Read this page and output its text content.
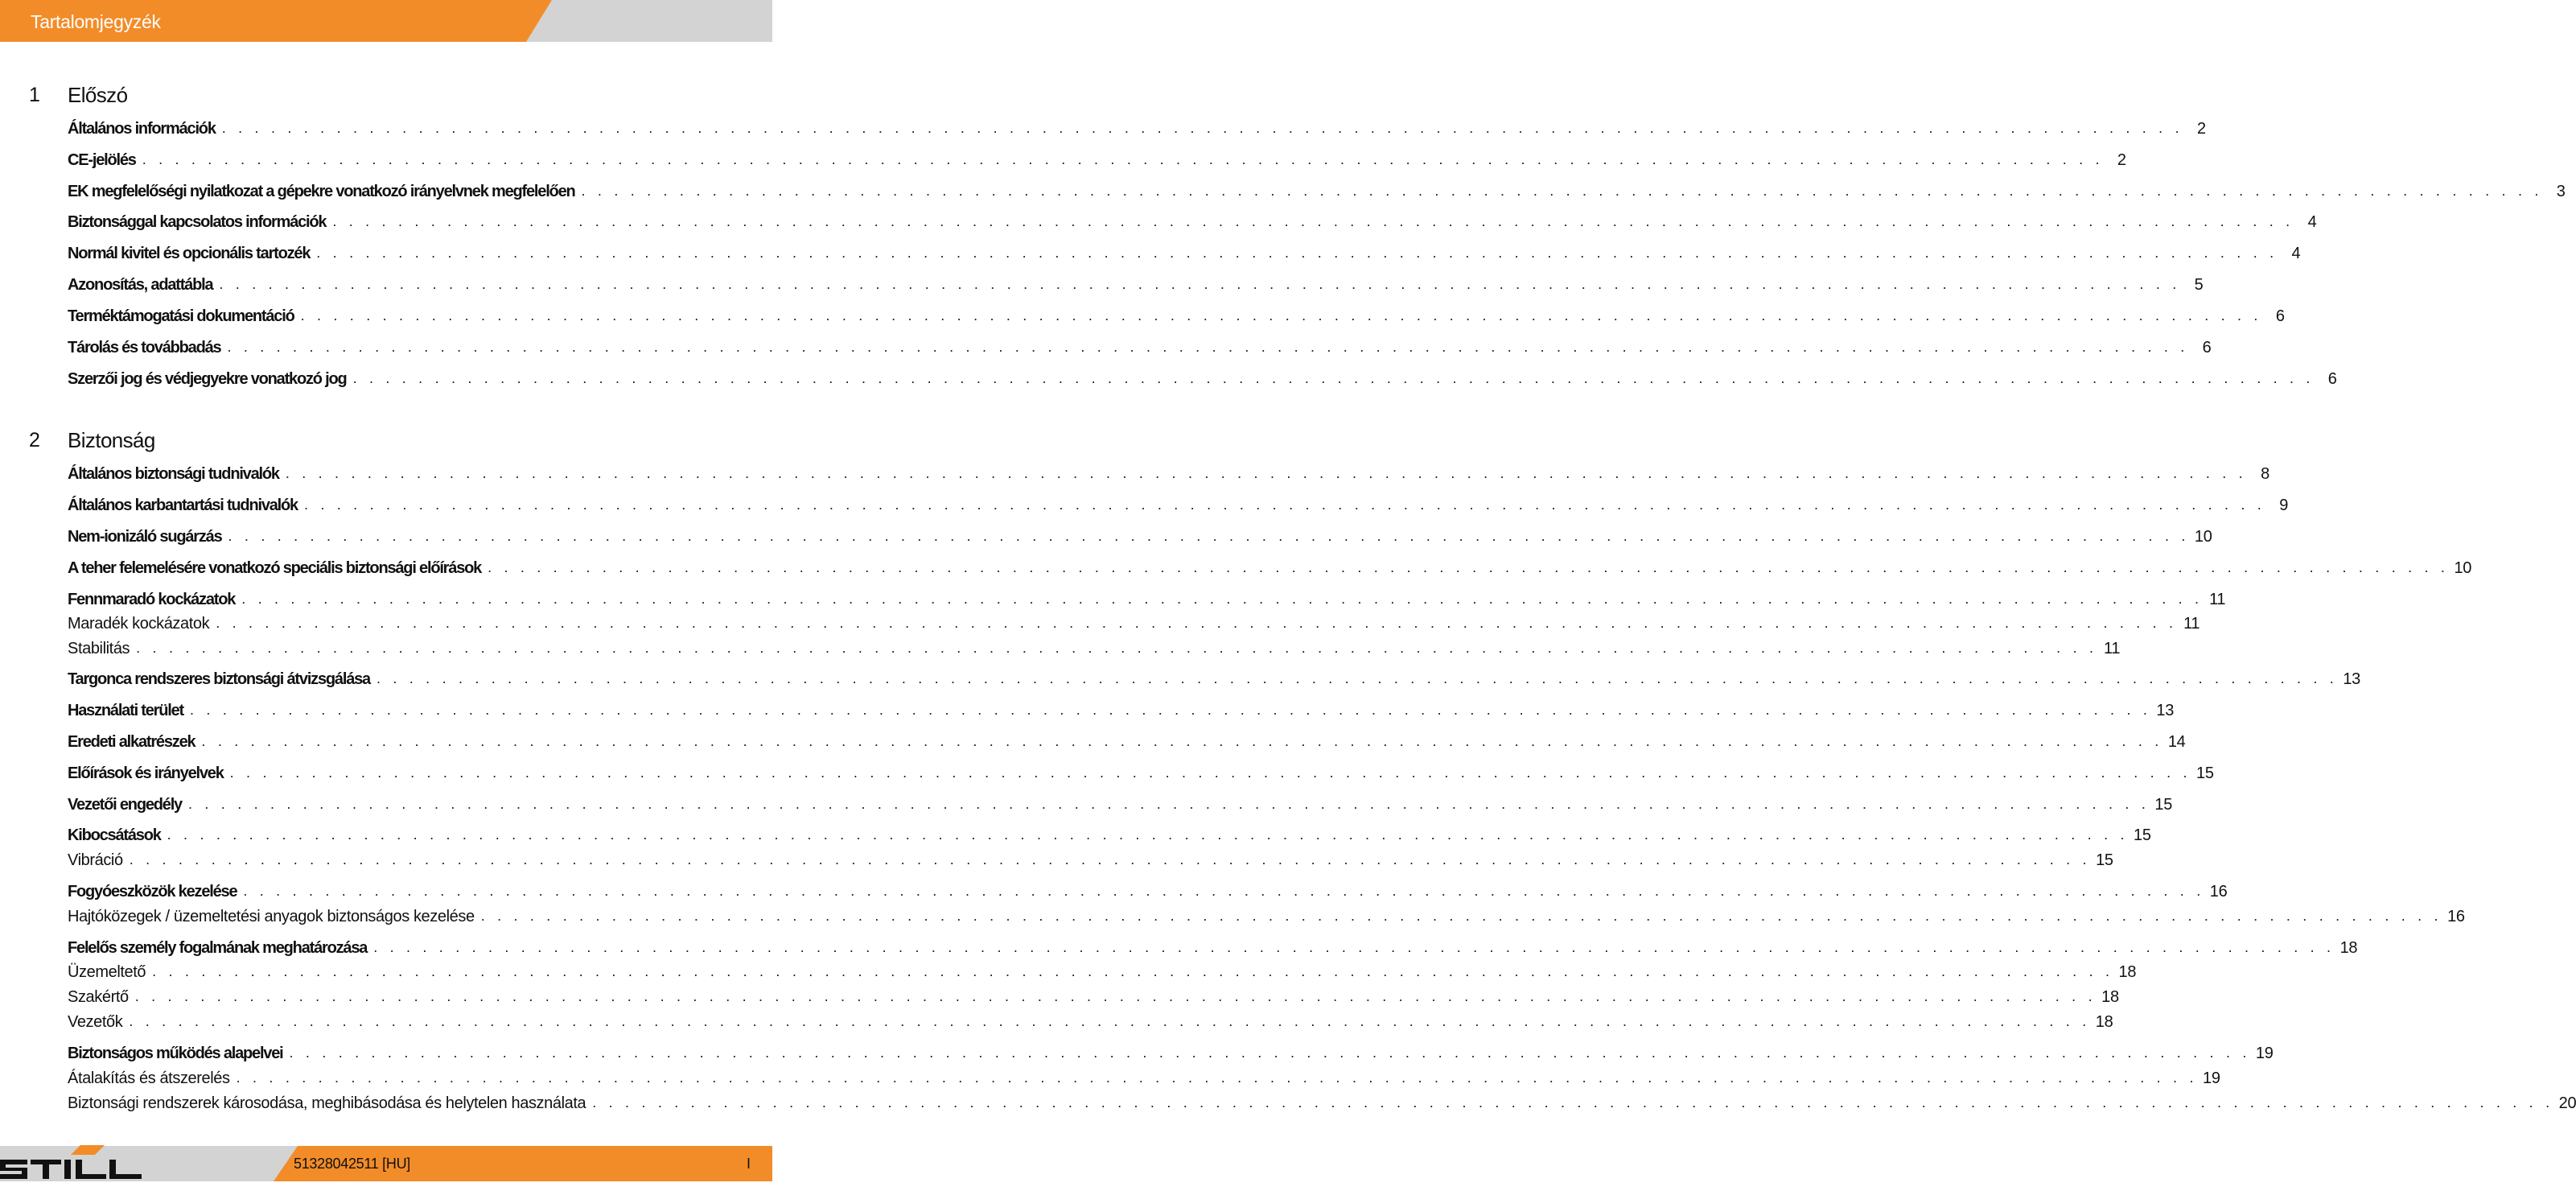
Tartalomjegyzék
1 Előszó
Általános információk . . . . . . . . . . . . . . . . . . . . . . . . . . . . . . . . . . . . . . . . . . . . . . . . . . . . . . . . . . . . . . . . . . . . . . . . . . . . . . . . . . . . . . . . . . . . . . . . . . . . . . . . . . . . . . . . . . . . . . . . 2
CE-jelölés . . . . . . . . . . . . . . . . . . . . . . . . . . . . . . . . . . . . . . . . . . . . . . . . . . . . . . . . . . . . . . . . . . . . . . . . . . . . . . . . . . . . . . . . . . . . . . . . . . . . . . . . . . . . . . . . . . . . . . . . 2
EK megfelelőségi nyilatkozat a gépekre vonatkozó irányelvnek megfelelően . . . . . . . . . . . . . . . . . . . . . . . . . . . . . . . . . . . . . . . . . . . . . . . . . . . . . . . . . . . . . . . . . . . . . . . . . . . . . . . . . . . . . . . . . . . . . . . . . . . . . . . . . . . . . . . . . . . . . . . . 3
Biztonsággal kapcsolatos információk . . . . . . . . . . . . . . . . . . . . . . . . . . . . . . . . . . . . . . . . . . . . . . . . . . . . . . . . . . . . . . . . . . . . . . . . . . . . . . . . . . . . . . . . . . . . . . . . . . . . . . . . . . . . . . . . . . . . . . . . 4
Normál kivitel és opcionális tartozék . . . . . . . . . . . . . . . . . . . . . . . . . . . . . . . . . . . . . . . . . . . . . . . . . . . . . . . . . . . . . . . . . . . . . . . . . . . . . . . . . . . . . . . . . . . . . . . . . . . . . . . . . . . . . . . . . . . . . . . . 4
Azonosítás, adattábla . . . . . . . . . . . . . . . . . . . . . . . . . . . . . . . . . . . . . . . . . . . . . . . . . . . . . . . . . . . . . . . . . . . . . . . . . . . . . . . . . . . . . . . . . . . . . . . . . . . . . . . . . . . . . . . . . . . . . . . . 5
Terméktámogatási dokumentáció . . . . . . . . . . . . . . . . . . . . . . . . . . . . . . . . . . . . . . . . . . . . . . . . . . . . . . . . . . . . . . . . . . . . . . . . . . . . . . . . . . . . . . . . . . . . . . . . . . . . . . . . . . . . . . . . . . . . . . . . 6
Tárolás és továbbadás . . . . . . . . . . . . . . . . . . . . . . . . . . . . . . . . . . . . . . . . . . . . . . . . . . . . . . . . . . . . . . . . . . . . . . . . . . . . . . . . . . . . . . . . . . . . . . . . . . . . . . . . . . . . . . . . . . . . . . . . 6
Szerzői jog és védjegyekre vonatkozó jog . . . . . . . . . . . . . . . . . . . . . . . . . . . . . . . . . . . . . . . . . . . . . . . . . . . . . . . . . . . . . . . . . . . . . . . . . . . . . . . . . . . . . . . . . . . . . . . . . . . . . . . . . . . . . . . . . . . . . . . . 6
2 Biztonság
Általános biztonsági tudnivalók . . . . . . . . . . . . . . . . . . . . . . . . . . . . . . . . . . . . . . . . . . . . . . . . . . . . . . . . . . . . . . . . . . . . . . . . . . . . . . . . . . . . . . . . . . . . . . . . . . . . . . . . . . . . . . . . . . . . . . . . 8
Általános karbantartási tudnivalók . . . . . . . . . . . . . . . . . . . . . . . . . . . . . . . . . . . . . . . . . . . . . . . . . . . . . . . . . . . . . . . . . . . . . . . . . . . . . . . . . . . . . . . . . . . . . . . . . . . . . . . . . . . . . . . . . . . . . . . . 9
Nem-ionizáló sugárzás . . . . . . . . . . . . . . . . . . . . . . . . . . . . . . . . . . . . . . . . . . . . . . . . . . . . . . . . . . . . . . . . . . . . . . . . . . . . . . . . . . . . . . . . . . . . . . . . . . . . . . . . . . . . . . . . . . . . . . . . 10
A teher felemelésére vonatkozó speciális biztonsági előírások . . . . . . . . . . . . . . . . . . . . . . . . . . . . . . . . . . . . . . . . . . . . . . . . . . . . . . . . . . . . . . . . . . . . . . . . . . . . . . . . . . . . . . . . . . . . . . . . . . . . . . . . . . . . . . . . . . . . . . . . 10
Fennmaradó kockázatok . . . . . . . . . . . . . . . . . . . . . . . . . . . . . . . . . . . . . . . . . . . . . . . . . . . . . . . . . . . . . . . . . . . . . . . . . . . . . . . . . . . . . . . . . . . . . . . . . . . . . . . . . . . . . . . . . . . . . . . . 11
Maradék kockázatok . . . . . . . . . . . . . . . . . . . . . . . . . . . . . . . . . . . . . . . . . . . . . . . . . . . . . . . . . . . . . . . . . . . . . . . . . . . . . . . . . . . . . . . . . . . . . . . . . . . . . . . . . . . . . . . . . . . . . . . . 11
Stabilitás . . . . . . . . . . . . . . . . . . . . . . . . . . . . . . . . . . . . . . . . . . . . . . . . . . . . . . . . . . . . . . . . . . . . . . . . . . . . . . . . . . . . . . . . . . . . . . . . . . . . . . . . . . . . . . . . . . . . . . . . 11
Targonca rendszeres biztonsági átvizsgálása . . . . . . . . . . . . . . . . . . . . . . . . . . . . . . . . . . . . . . . . . . . . . . . . . . . . . . . . . . . . . . . . . . . . . . . . . . . . . . . . . . . . . . . . . . . . . . . . . . . . . . . . . . . . . . . . . . . . . . . . 13
Használati terület . . . . . . . . . . . . . . . . . . . . . . . . . . . . . . . . . . . . . . . . . . . . . . . . . . . . . . . . . . . . . . . . . . . . . . . . . . . . . . . . . . . . . . . . . . . . . . . . . . . . . . . . . . . . . . . . . . . . . . . . 13
Eredeti alkatrészek . . . . . . . . . . . . . . . . . . . . . . . . . . . . . . . . . . . . . . . . . . . . . . . . . . . . . . . . . . . . . . . . . . . . . . . . . . . . . . . . . . . . . . . . . . . . . . . . . . . . . . . . . . . . . . . . . . . . . . . . 14
Előírások és irányelvek . . . . . . . . . . . . . . . . . . . . . . . . . . . . . . . . . . . . . . . . . . . . . . . . . . . . . . . . . . . . . . . . . . . . . . . . . . . . . . . . . . . . . . . . . . . . . . . . . . . . . . . . . . . . . . . . . . . . . . . . 15
Vezetői engedély . . . . . . . . . . . . . . . . . . . . . . . . . . . . . . . . . . . . . . . . . . . . . . . . . . . . . . . . . . . . . . . . . . . . . . . . . . . . . . . . . . . . . . . . . . . . . . . . . . . . . . . . . . . . . . . . . . . . . . . . 15
Kibocsátások . . . . . . . . . . . . . . . . . . . . . . . . . . . . . . . . . . . . . . . . . . . . . . . . . . . . . . . . . . . . . . . . . . . . . . . . . . . . . . . . . . . . . . . . . . . . . . . . . . . . . . . . . . . . . . . . . . . . . . . . 15
Vibráció . . . . . . . . . . . . . . . . . . . . . . . . . . . . . . . . . . . . . . . . . . . . . . . . . . . . . . . . . . . . . . . . . . . . . . . . . . . . . . . . . . . . . . . . . . . . . . . . . . . . . . . . . . . . . . . . . . . . . . . . 15
Fogyóeszközök kezelése . . . . . . . . . . . . . . . . . . . . . . . . . . . . . . . . . . . . . . . . . . . . . . . . . . . . . . . . . . . . . . . . . . . . . . . . . . . . . . . . . . . . . . . . . . . . . . . . . . . . . . . . . . . . . . . . . . . . . . . . 16
Hajtóközegek / üzemeltetési anyagok biztonságos kezelése . . . . . . . . . . . . . . . . . . . . . . . . . . . . . . . . . . . . . . . . . . . . . . . . . . . . . . . . . . . . . . . . . . . . . . . . . . . . . . . . . . . . . . . . . . . . . . . . . . . . . . . . . . . . . . . . . . . . . . . . 16
Felelős személy fogalmának meghatározása . . . . . . . . . . . . . . . . . . . . . . . . . . . . . . . . . . . . . . . . . . . . . . . . . . . . . . . . . . . . . . . . . . . . . . . . . . . . . . . . . . . . . . . . . . . . . . . . . . . . . . . . . . . . . . . . . . . . . . . . 18
Üzemeltető . . . . . . . . . . . . . . . . . . . . . . . . . . . . . . . . . . . . . . . . . . . . . . . . . . . . . . . . . . . . . . . . . . . . . . . . . . . . . . . . . . . . . . . . . . . . . . . . . . . . . . . . . . . . . . . . . . . . . . . . 18
Szakértő . . . . . . . . . . . . . . . . . . . . . . . . . . . . . . . . . . . . . . . . . . . . . . . . . . . . . . . . . . . . . . . . . . . . . . . . . . . . . . . . . . . . . . . . . . . . . . . . . . . . . . . . . . . . . . . . . . . . . . . . 18
Vezetők . . . . . . . . . . . . . . . . . . . . . . . . . . . . . . . . . . . . . . . . . . . . . . . . . . . . . . . . . . . . . . . . . . . . . . . . . . . . . . . . . . . . . . . . . . . . . . . . . . . . . . . . . . . . . . . . . . . . . . . . 18
Biztonságos működés alapelvei . . . . . . . . . . . . . . . . . . . . . . . . . . . . . . . . . . . . . . . . . . . . . . . . . . . . . . . . . . . . . . . . . . . . . . . . . . . . . . . . . . . . . . . . . . . . . . . . . . . . . . . . . . . . . . . . . . . . . . . . 19
Átalakítás és átszerelés . . . . . . . . . . . . . . . . . . . . . . . . . . . . . . . . . . . . . . . . . . . . . . . . . . . . . . . . . . . . . . . . . . . . . . . . . . . . . . . . . . . . . . . . . . . . . . . . . . . . . . . . . . . . . . . . . . . . . . . . 19
Biztonsági rendszerek károsodása, meghibásodása és helytelen használata . . . . . . . . . . . . . . . . . . . . . . . . . . . . . . . . . . . . . . . . . . . . . . . . . . . . . . . . . . . . . . . . . . . . . . . . . . . . . . . . . . . . . . . . . . . . . . . . . . . . . . . . . . . . . . . . . . . . . . . . 20
51328042511 [HU]	I
